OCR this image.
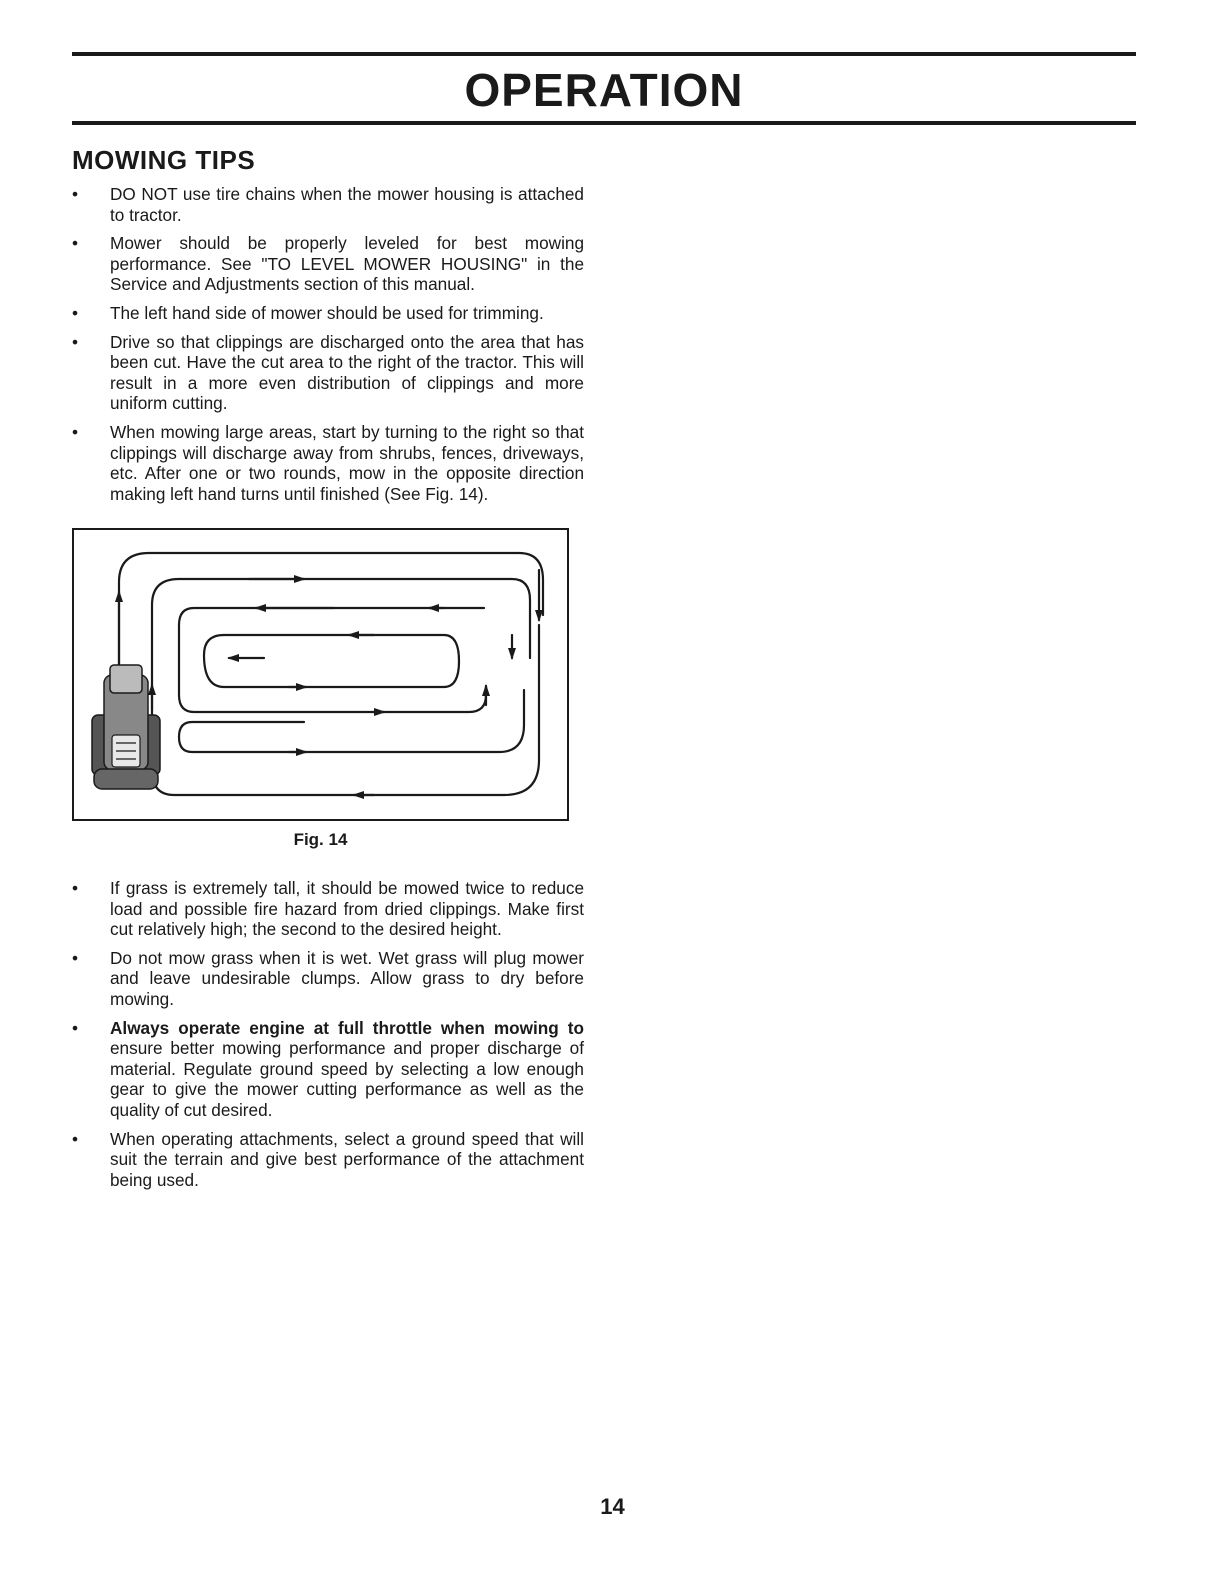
OPERATION
MOWING TIPS
• DO NOT use tire chains when the mower housing is attached to tractor.
• Mower should be properly leveled for best mowing performance. See "TO LEVEL MOWER HOUSING" in the Service and Adjustments section of this manual.
• The left hand side of mower should be used for trimming.
• Drive so that clippings are discharged onto the area that has been cut. Have the cut area to the right of the tractor. This will result in a more even distribution of clippings and more uniform cutting.
• When mowing large areas, start by turning to the right so that clippings will discharge away from shrubs, fences, driveways, etc. After one or two rounds, mow in the opposite direction making left hand turns until finished (See Fig. 14).
Fig. 14
• If grass is extremely tall, it should be mowed twice to reduce load and possible fire hazard from dried clippings. Make first cut relatively high; the second to the desired height.
• Do not mow grass when it is wet. Wet grass will plug mower and leave undesirable clumps. Allow grass to dry before mowing.
• Always operate engine at full throttle when mowing to ensure better mowing performance and proper discharge of material. Regulate ground speed by selecting a low enough gear to give the mower cutting performance as well as the quality of cut desired.
• When operating attachments, select a ground speed that will suit the terrain and give best performance of the attachment being used.
14
